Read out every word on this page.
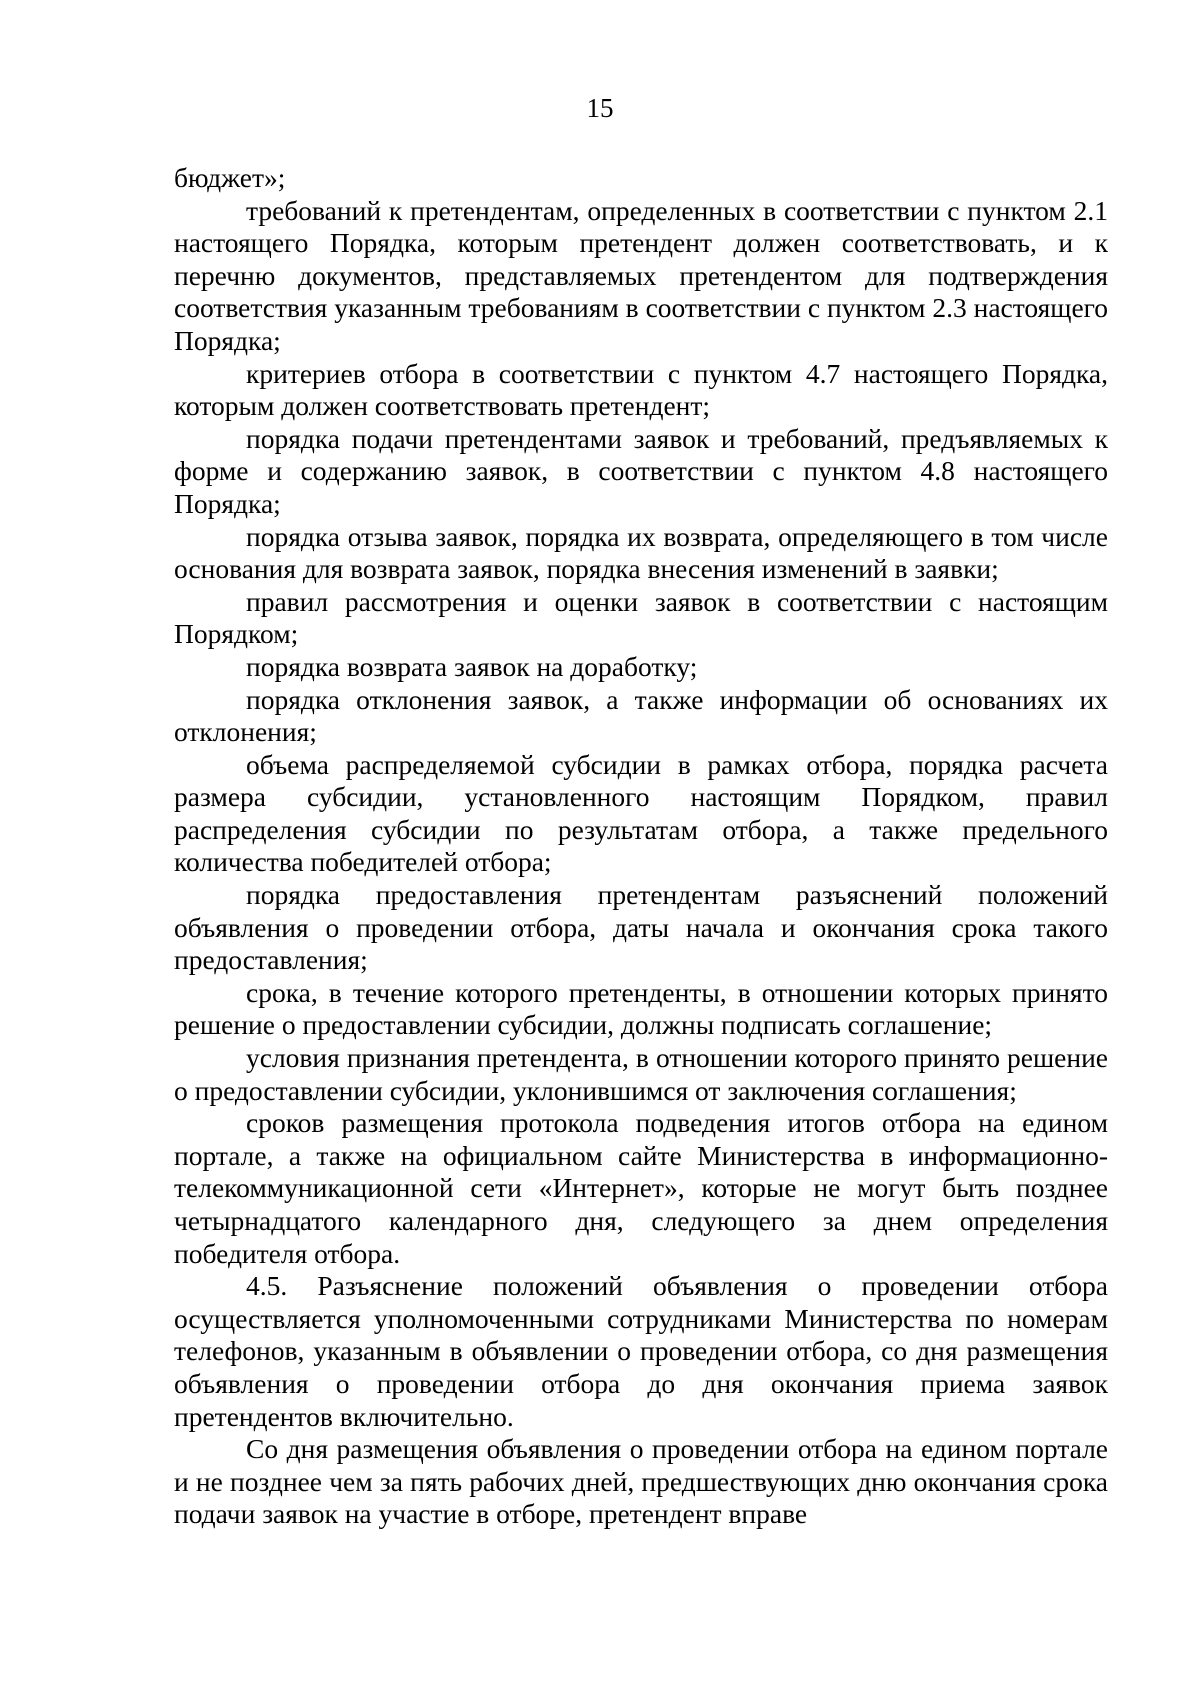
15

бюджет»;

требований к претендентам, определенных в соответствии с пунктом 2.1 настоящего Порядка, которым претендент должен соответствовать, и к перечню документов, представляемых претендентом для подтверждения соответствия указанным требованиям в соответствии с пунктом 2.3 настоящего Порядка;

критериев отбора в соответствии с пунктом 4.7 настоящего Порядка, которым должен соответствовать претендент;

порядка подачи претендентами заявок и требований, предъявляемых к форме и содержанию заявок, в соответствии с пунктом 4.8 настоящего Порядка;

порядка отзыва заявок, порядка их возврата, определяющего в том числе основания для возврата заявок, порядка внесения изменений в заявки;

правил рассмотрения и оценки заявок в соответствии с настоящим Порядком;

порядка возврата заявок на доработку;

порядка отклонения заявок, а также информации об основаниях их отклонения;

объема распределяемой субсидии в рамках отбора, порядка расчета размера субсидии, установленного настоящим Порядком, правил распределения субсидии по результатам отбора, а также предельного количества победителей отбора;

порядка предоставления претендентам разъяснений положений объявления о проведении отбора, даты начала и окончания срока такого предоставления;

срока, в течение которого претенденты, в отношении которых принято решение о предоставлении субсидии, должны подписать соглашение;

условия признания претендента, в отношении которого принято решение о предоставлении субсидии, уклонившимся от заключения соглашения;

сроков размещения протокола подведения итогов отбора на едином портале, а также на официальном сайте Министерства в информационно-телекоммуникационной сети «Интернет», которые не могут быть позднее четырнадцатого календарного дня, следующего за днем определения победителя отбора.

4.5. Разъяснение положений объявления о проведении отбора осуществляется уполномоченными сотрудниками Министерства по номерам телефонов, указанным в объявлении о проведении отбора, со дня размещения объявления о проведении отбора до дня окончания приема заявок претендентов включительно.

Со дня размещения объявления о проведении отбора на едином портале и не позднее чем за пять рабочих дней, предшествующих дню окончания срока подачи заявок на участие в отборе, претендент вправе
